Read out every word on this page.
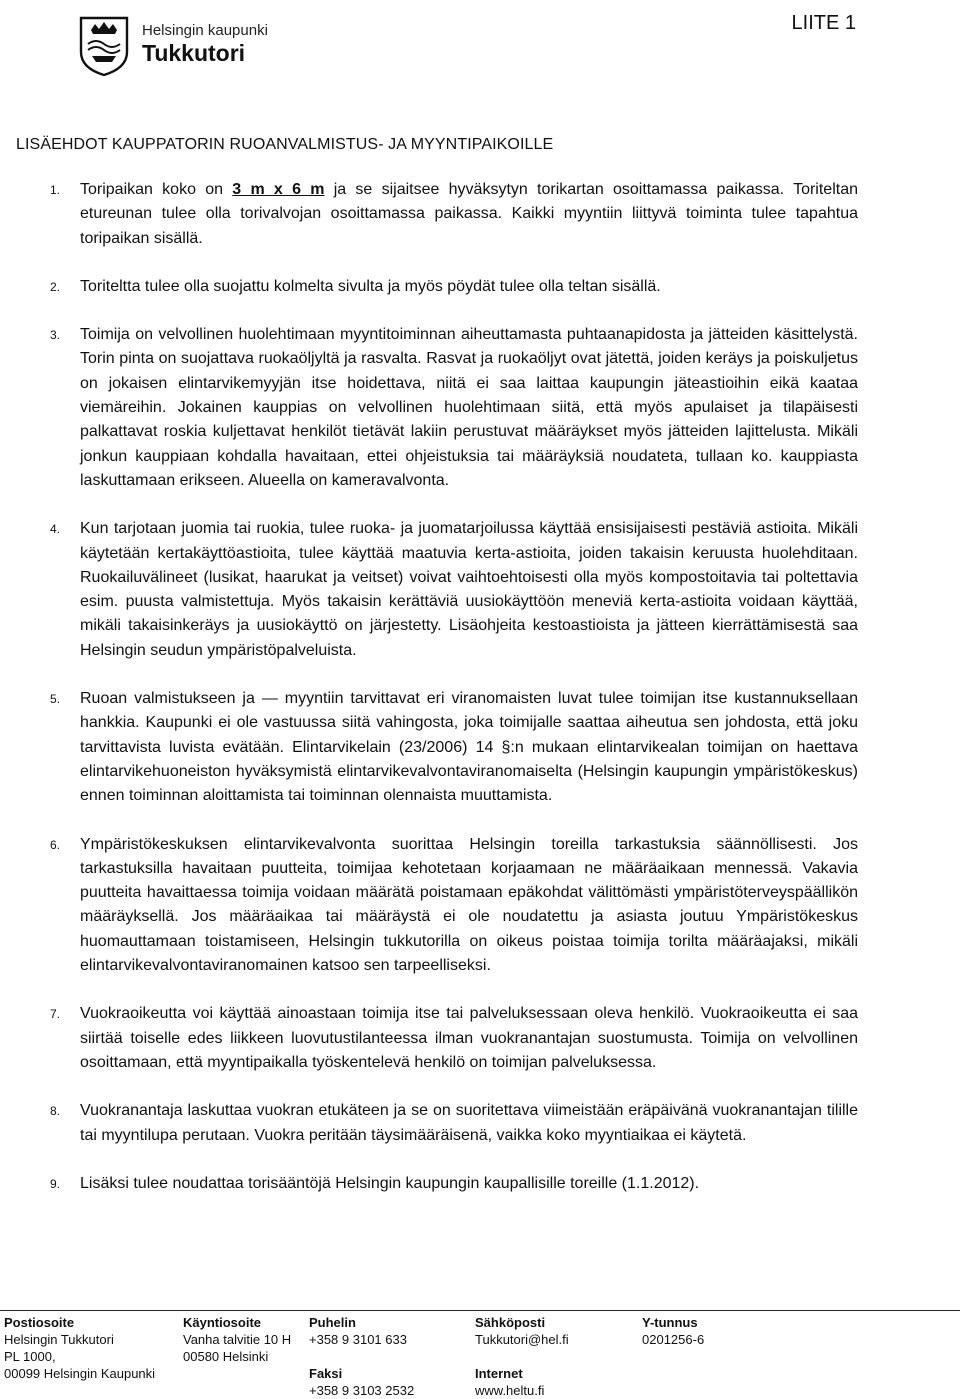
Helsingin kaupunki
Tukkutori
LIITE 1
LISÄEHDOT KAUPPATORIN RUOANVALMISTUS- JA MYYNTIPAIKOILLE
1. Toripaikan koko on 3 m x 6 m ja se sijaitsee hyväksytyn torikartan osoittamassa paikassa. Toriteltan etureunan tulee olla torivalvojan osoittamassa paikassa. Kaikki myyntiin liittyvä toiminta tulee tapahtua toripaikan sisällä.
2. Toriteltta tulee olla suojattu kolmelta sivulta ja myös pöydät tulee olla teltan sisällä.
3. Toimija on velvollinen huolehtimaan myyntitoiminnan aiheuttamasta puhtaanapidosta ja jätteiden käsittelystä. Torin pinta on suojattava ruokaöljyltä ja rasvalta. Rasvat ja ruokaöljyt ovat jätettä, joiden keräys ja poiskuljetus on jokaisen elintarvikemyyjän itse hoidettava, niitä ei saa laittaa kaupungin jäteastioihin eikä kaataa viemäreihin. Jokainen kauppias on velvollinen huolehtimaan siitä, että myös apulaiset ja tilapäisesti palkattavat roskia kuljettavat henkilöt tietävät lakiin perustuvat määräykset myös jätteiden lajittelusta. Mikäli jonkun kauppiaan kohdalla havaitaan, ettei ohjeistuksia tai määräyksiä noudateta, tullaan ko. kauppiasta laskuttamaan erikseen. Alueella on kameravalvonta.
4. Kun tarjotaan juomia tai ruokia, tulee ruoka- ja juomatarjoilussa käyttää ensisijaisesti pestäviä astioita. Mikäli käytetään kertakäyttöastioita, tulee käyttää maatuvia kerta-astioita, joiden takaisin keruusta huolehditaan. Ruokailuvälineet (lusikat, haarukat ja veitset) voivat vaihtoehtoisesti olla myös kompostoitavia tai poltettavia esim. puusta valmistettuja. Myös takaisin kerättäviä uusiokäyttöön meneviä kerta-astioita voidaan käyttää, mikäli takaisinkeräys ja uusiokäyttö on järjestetty. Lisäohjeita kestoastioista ja jätteen kierrättämisestä saa Helsingin seudun ympäristöpalveluista.
5. Ruoan valmistukseen ja — myyntiin tarvittavat eri viranomaisten luvat tulee toimijan itse kustannuksellaan hankkia. Kaupunki ei ole vastuussa siitä vahingosta, joka toimijalle saattaa aiheutua sen johdosta, että joku tarvittavista luvista evätään. Elintarvikelain (23/2006) 14 §:n mukaan elintarvikealan toimijan on haettava elintarvikehuoneiston hyväksymistä elintarvikevalvontaviranomaiselta (Helsingin kaupungin ympäristökeskus) ennen toiminnan aloittamista tai toiminnan olennaista muuttamista.
6. Ympäristökeskuksen elintarvikevalvonta suorittaa Helsingin toreilla tarkastuksia säännöllisesti. Jos tarkastuksilla havaitaan puutteita, toimijaa kehotetaan korjaamaan ne määräaikaan mennessä. Vakavia puutteita havaittaessa toimija voidaan määrätä poistamaan epäkohdat välittömästi ympäristöterveyspäällikön määräyksellä. Jos määräaikaa tai määräystä ei ole noudatettu ja asiasta joutuu Ympäristökeskus huomauttamaan toistamiseen, Helsingin tukkutorilla on oikeus poistaa toimija torilta määräajaksi, mikäli elintarvikevalvontaviranomainen katsoo sen tarpeelliseksi.
7. Vuokraoikeutta voi käyttää ainoastaan toimija itse tai palveluksessaan oleva henkilö. Vuokraoikeutta ei saa siirtää toiselle edes liikkeen luovutustilanteessa ilman vuokranantajan suostumusta. Toimija on velvollinen osoittamaan, että myyntipaikalla työskentelevä henkilö on toimijan palveluksessa.
8. Vuokranantaja laskuttaa vuokran etukäteen ja se on suoritettava viimeistään eräpäivänä vuokranantajan tilille tai myyntilupa perutaan. Vuokra peritään täysimääräisenä, vaikka koko myyntiaikaa ei käytetä.
9. Lisäksi tulee noudattaa torisääntöjä Helsingin kaupungin kaupallisille toreille (1.1.2012).
Postiosoite
Helsingin Tukkutori
PL 1000,
00099 Helsingin Kaupunki
Käyntiosoite
Vanha talvitie 10 H
00580 Helsinki
Puhelin
+358 9 3101 633

Faksi
+358 9 3103 2532
Sähköposti
Tukkutori@hel.fi

Internet
www.heltu.fi
Y-tunnus
0201256-6
